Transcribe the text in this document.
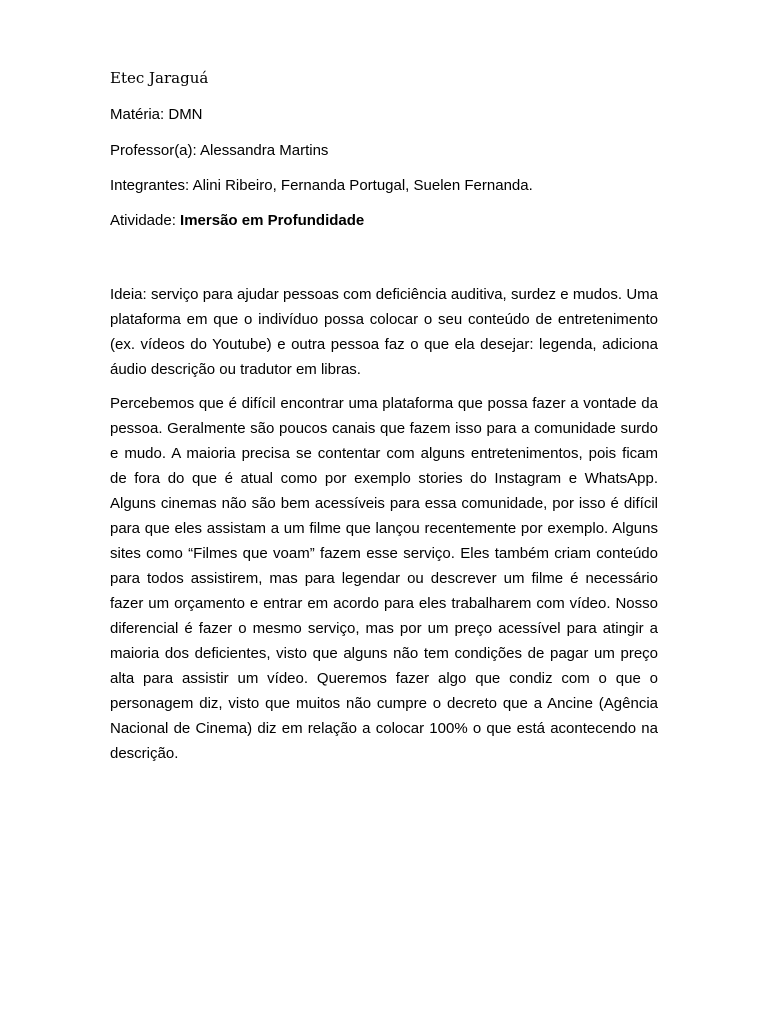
Etec Jaraguá
Matéria: DMN
Professor(a): Alessandra Martins
Integrantes: Alini Ribeiro, Fernanda Portugal, Suelen Fernanda.
Atividade: Imersão em Profundidade

Ideia: serviço para ajudar pessoas com deficiência auditiva, surdez e mudos. Uma plataforma em que o indivíduo possa colocar o seu conteúdo de entretenimento (ex. vídeos do Youtube) e outra pessoa faz o que ela desejar: legenda, adiciona áudio descrição ou tradutor em libras.

Percebemos que é difícil encontrar uma plataforma que possa fazer a vontade da pessoa. Geralmente são poucos canais que fazem isso para a comunidade surdo e mudo. A maioria precisa se contentar com alguns entretenimentos, pois ficam de fora do que é atual como por exemplo stories do Instagram e WhatsApp. Alguns cinemas não são bem acessíveis para essa comunidade, por isso é difícil para que eles assistam a um filme que lançou recentemente por exemplo. Alguns sites como “Filmes que voam” fazem esse serviço. Eles também criam conteúdo para todos assistirem, mas para legendar ou descrever um filme é necessário fazer um orçamento e entrar em acordo para eles trabalharem com vídeo. Nosso diferencial é fazer o mesmo serviço, mas por um preço acessível para atingir a maioria dos deficientes, visto que alguns não tem condições de pagar um preço alta para assistir um vídeo. Queremos fazer algo que condiz com o que o personagem diz, visto que muitos não cumpre o decreto que a Ancine (Agência Nacional de Cinema) diz em relação a colocar 100% o que está acontecendo na descrição.
